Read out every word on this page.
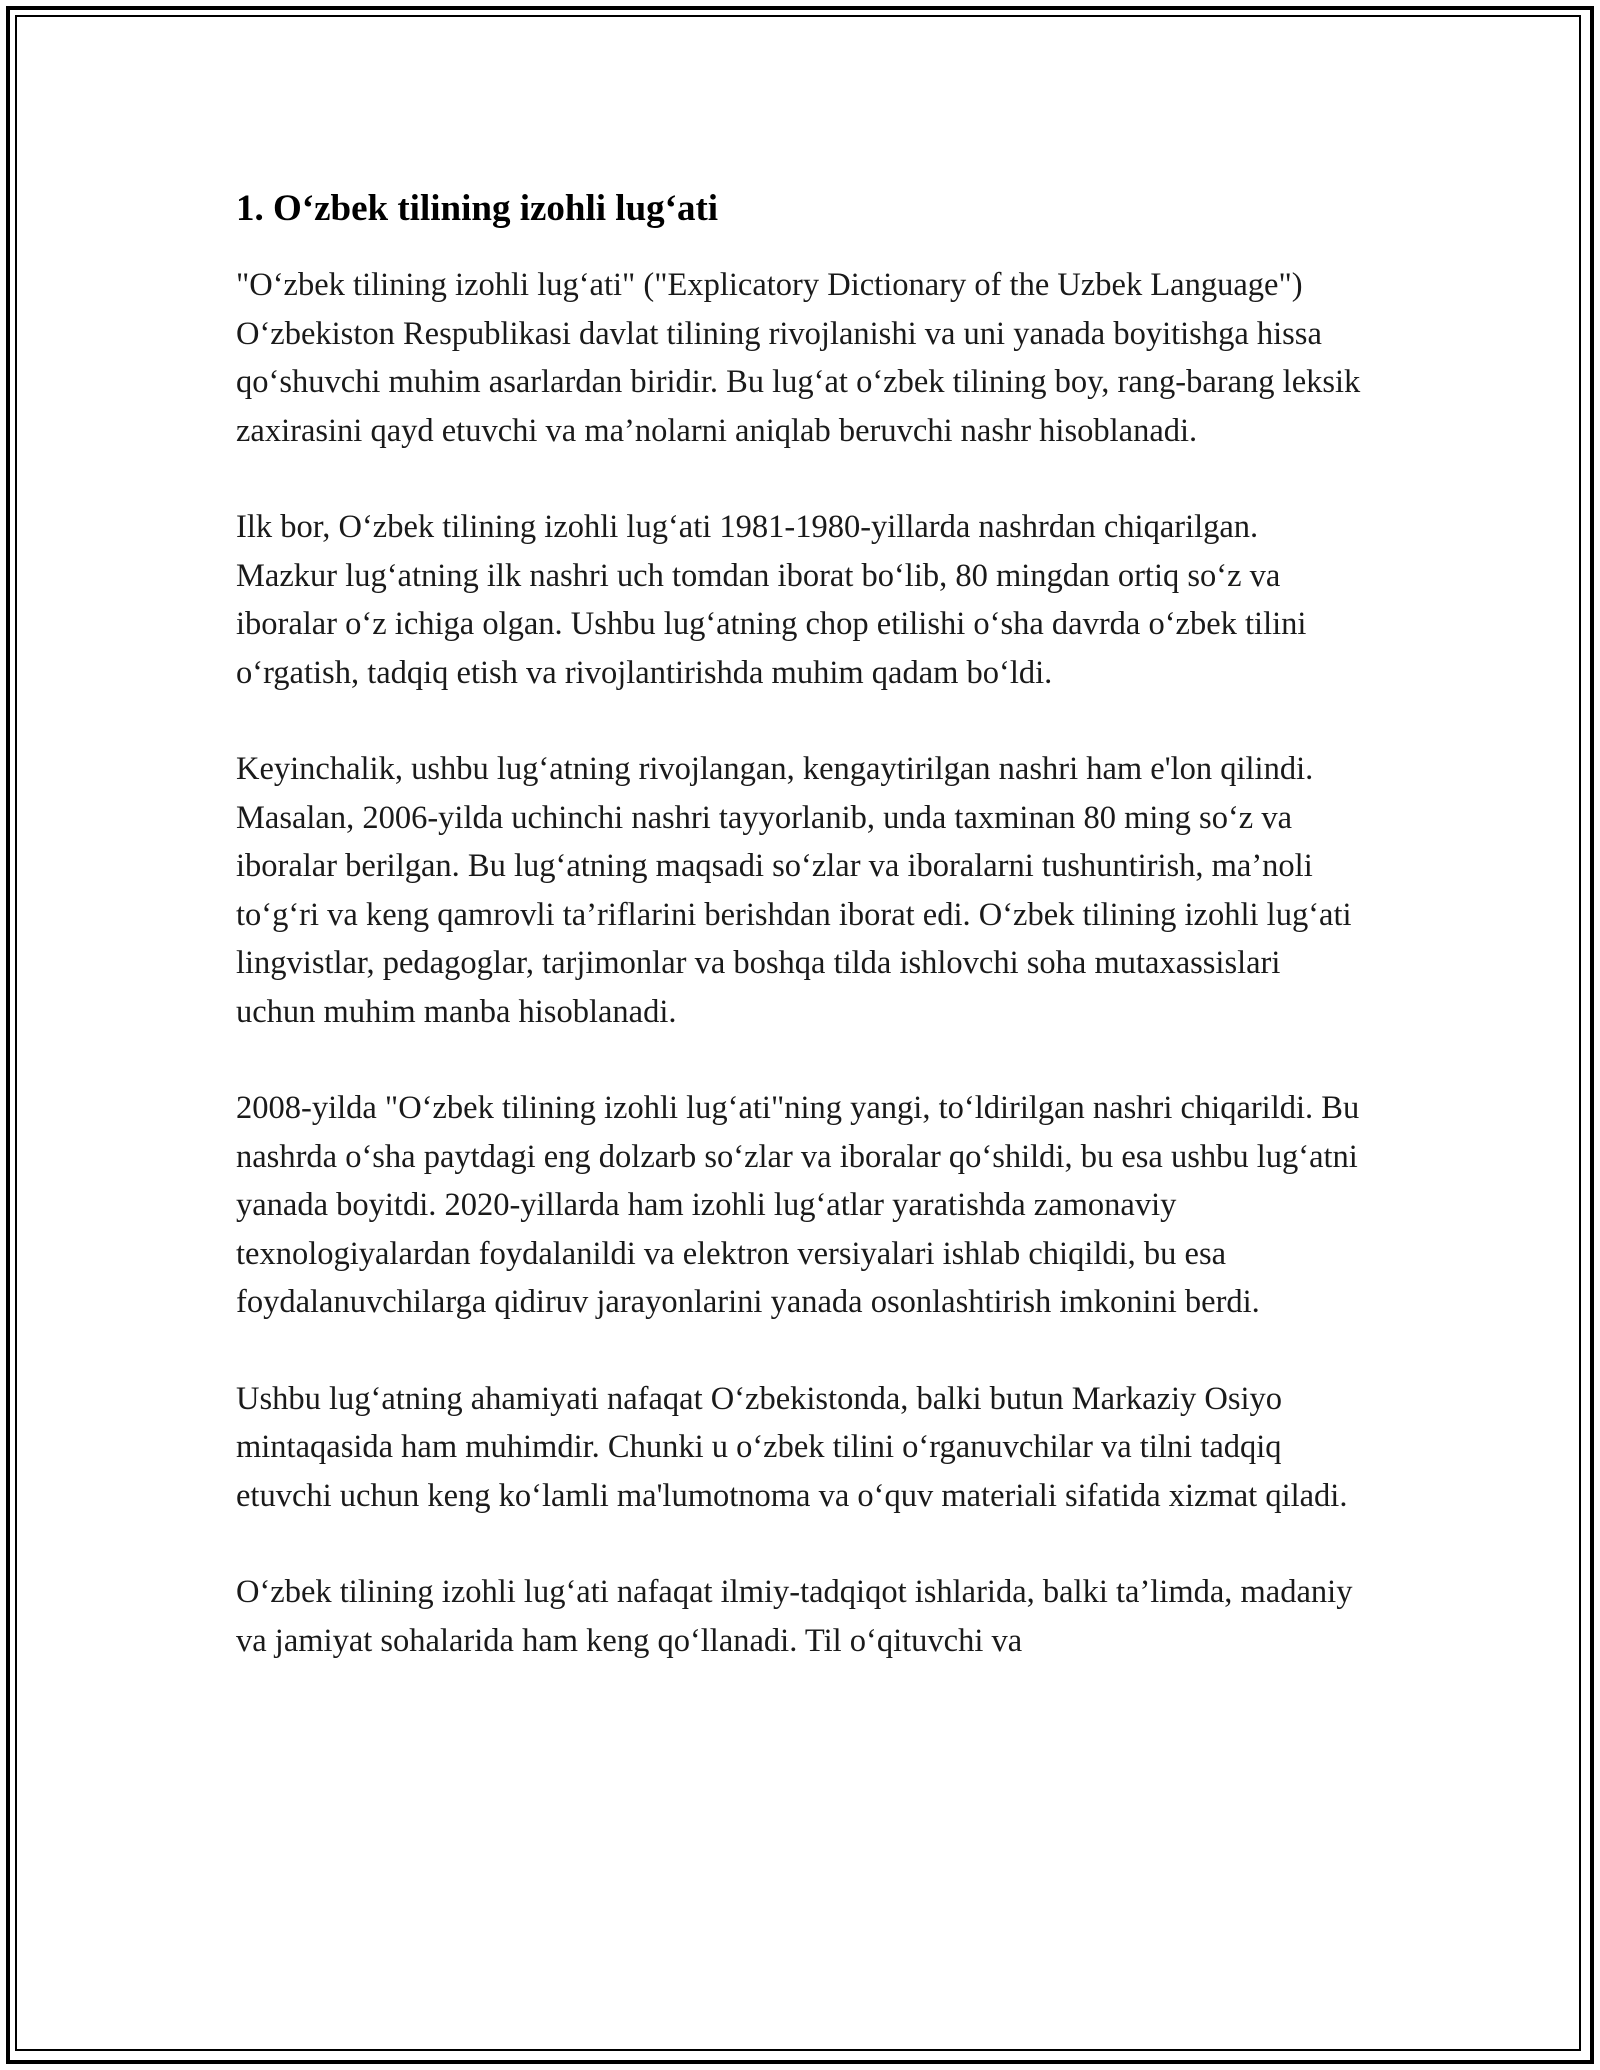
1. O‘zbek tilining izohli lug‘ati

"O‘zbek tilining izohli lug‘ati" ("Explicatory Dictionary of the Uzbek Language") O‘zbekiston Respublikasi davlat tilining rivojlanishi va uni yanada boyitishga hissa qo‘shuvchi muhim asarlardan biridir. Bu lug‘at o‘zbek tilining boy, rang-barang leksik zaxirasini qayd etuvchi va ma’nolarni aniqlab beruvchi nashr hisoblanadi.

Ilk bor, O‘zbek tilining izohli lug‘ati 1981-1980-yillarda nashrdan chiqarilgan. Mazkur lug‘atning ilk nashri uch tomdan iborat bo‘lib, 80 mingdan ortiq so‘z va iboralar o‘z ichiga olgan. Ushbu lug‘atning chop etilishi o‘sha davrda o‘zbek tilini o‘rgatish, tadqiq etish va rivojlantirishda muhim qadam bo‘ldi.

Keyinchalik, ushbu lug‘atning rivojlangan, kengaytirilgan nashri ham e'lon qilindi. Masalan, 2006-yilda uchinchi nashri tayyorlanib, unda taxminan 80 ming so‘z va iboralar berilgan. Bu lug‘atning maqsadi so‘zlar va iboralarni tushuntirish, ma’noli to‘g‘ri va keng qamrovli ta’riflarini berishdan iborat edi. O‘zbek tilining izohli lug‘ati lingvistlar, pedagoglar, tarjimonlar va boshqa tilda ishlovchi soha mutaxassislari uchun muhim manba hisoblanadi.

2008-yilda "O‘zbek tilining izohli lug‘ati"ning yangi, to‘ldirilgan nashri chiqarildi. Bu nashrda o‘sha paytdagi eng dolzarb so‘zlar va iboralar qo‘shildi, bu esa ushbu lug‘atni yanada boyitdi. 2020-yillarda ham izohli lug‘atlar yaratishda zamonaviy texnologiyalardan foydalanildi va elektron versiyalari ishlab chiqildi, bu esa foydalanuvchilarga qidiruv jarayonlarini yanada osonlashtirish imkonini berdi.

Ushbu lug‘atning ahamiyati nafaqat O‘zbekistonda, balki butun Markaziy Osiyo mintaqasida ham muhimdir. Chunki u o‘zbek tilini o‘rganuvchilar va tilni tadqiq etuvchi uchun keng ko‘lamli ma'lumotnoma va o‘quv materiali sifatida xizmat qiladi.

O‘zbek tilining izohli lug‘ati nafaqat ilmiy-tadqiqot ishlarida, balki ta’limda, madaniy va jamiyat sohalarida ham keng qo‘llanadi. Til o‘qituvchi va
